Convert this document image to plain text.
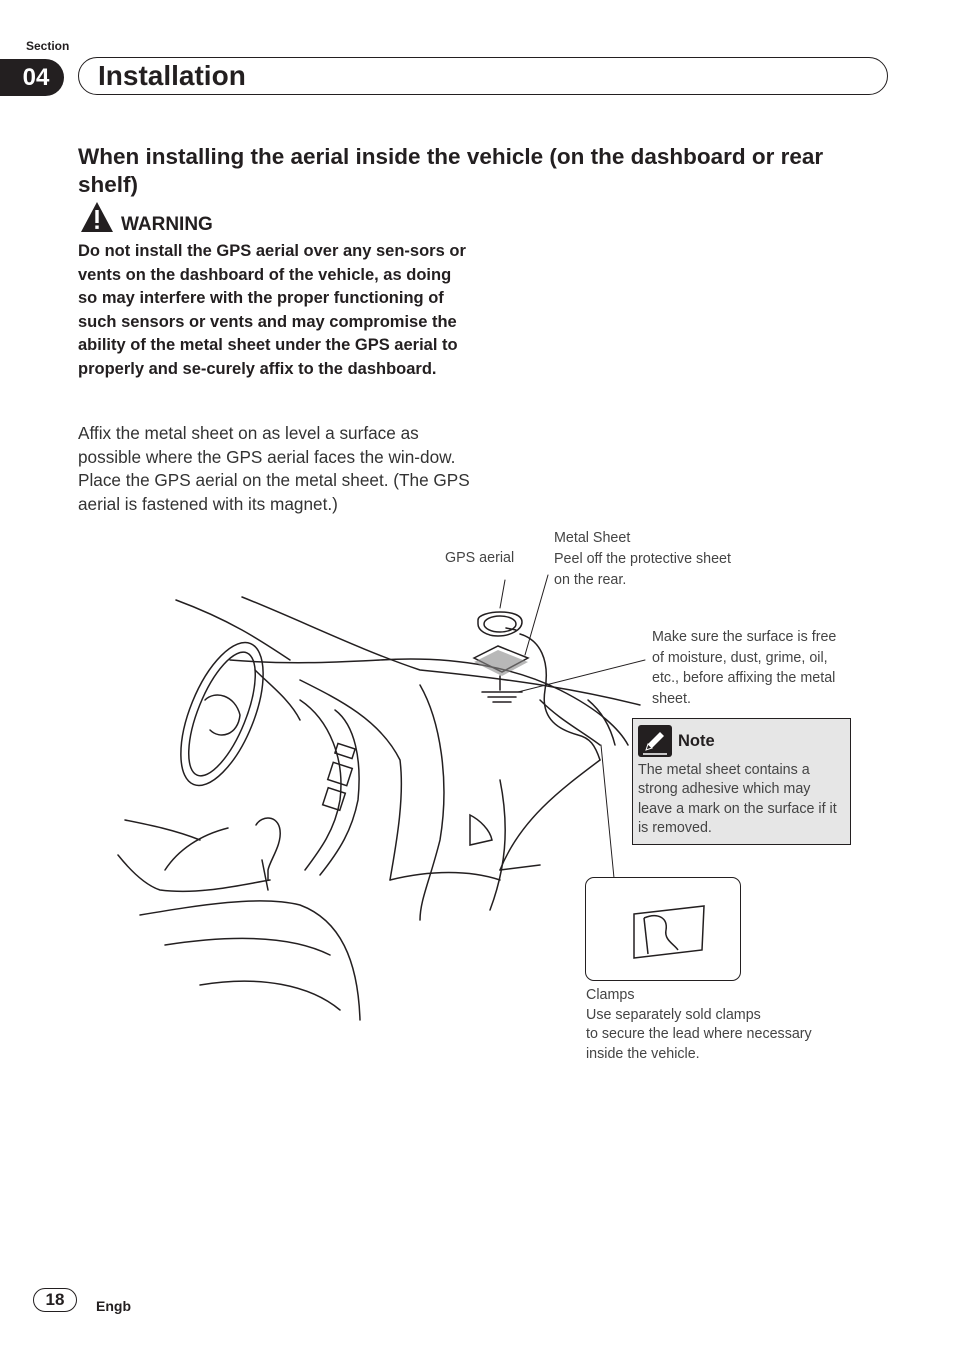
Section
04	Installation
When installing the aerial inside the vehicle (on the dashboard or rear shelf)
WARNING
Do not install the GPS aerial over any sen-sors or vents on the dashboard of the vehicle, as doing so may interfere with the proper functioning of such sensors or vents and may compromise the ability of the metal sheet under the GPS aerial to properly and se-curely affix to the dashboard.
Affix the metal sheet on as level a surface as possible where the GPS aerial faces the win-dow. Place the GPS aerial on the metal sheet. (The GPS aerial is fastened with its magnet.)
GPS aerial
Metal Sheet
Peel off the protective sheet
on the rear.
Make sure the surface is free of moisture, dust, grime, oil, etc., before affixing the metal sheet.
Note
The metal sheet contains a strong adhesive which may leave a mark on the surface if it is removed.
Clamps
Use separately sold clamps
to secure the lead where necessary
inside the vehicle.
18	Engb
